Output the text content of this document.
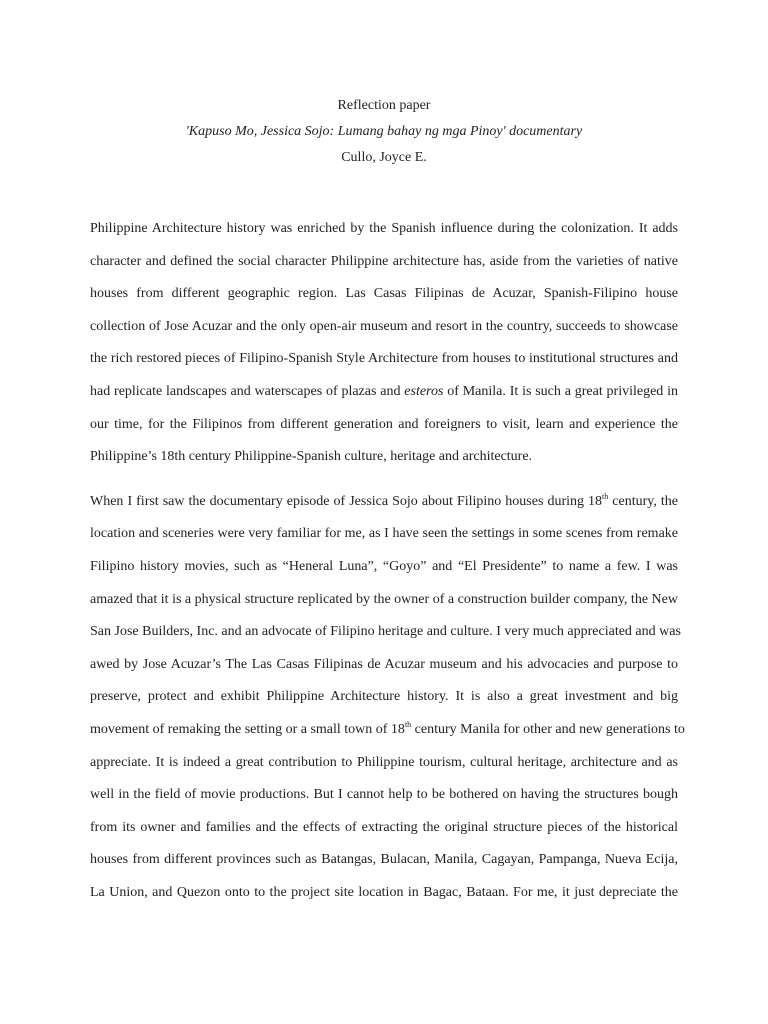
Reflection paper
'Kapuso Mo, Jessica Sojo: Lumang bahay ng mga Pinoy' documentary
Cullo, Joyce E.

Philippine Architecture history was enriched by the Spanish influence during the colonization. It adds
character and defined the social character Philippine architecture has, aside from the varieties of native
houses from different geographic region. Las Casas Filipinas de Acuzar, Spanish-Filipino house
collection of Jose Acuzar and the only open-air museum and resort in the country, succeeds to showcase
the rich restored pieces of Filipino-Spanish Style Architecture from houses to institutional structures and
had replicate landscapes and waterscapes of plazas and esteros of Manila. It is such a great privileged in
our time, for the Filipinos from different generation and foreigners to visit, learn and experience the
Philippine’s 18th century Philippine-Spanish culture, heritage and architecture.

When I first saw the documentary episode of Jessica Sojo about Filipino houses during 18th century, the
location and sceneries were very familiar for me, as I have seen the settings in some scenes from remake
Filipino history movies, such as “Heneral Luna”, “Goyo” and “El Presidente” to name a few. I was
amazed that it is a physical structure replicated by the owner of a construction builder company, the New
San Jose Builders, Inc. and an advocate of Filipino heritage and culture. I very much appreciated and was
awed by Jose Acuzar’s The Las Casas Filipinas de Acuzar museum and his advocacies and purpose to
preserve, protect and exhibit Philippine Architecture history. It is also a great investment and big
movement of remaking the setting or a small town of 18th century Manila for other and new generations to
appreciate. It is indeed a great contribution to Philippine tourism, cultural heritage, architecture and as
well in the field of movie productions. But I cannot help to be bothered on having the structures bough
from its owner and families and the effects of extracting the original structure pieces of the historical
houses from different provinces such as Batangas, Bulacan, Manila, Cagayan, Pampanga, Nueva Ecija,
La Union, and Quezon onto to the project site location in Bagac, Bataan. For me, it just depreciate the
